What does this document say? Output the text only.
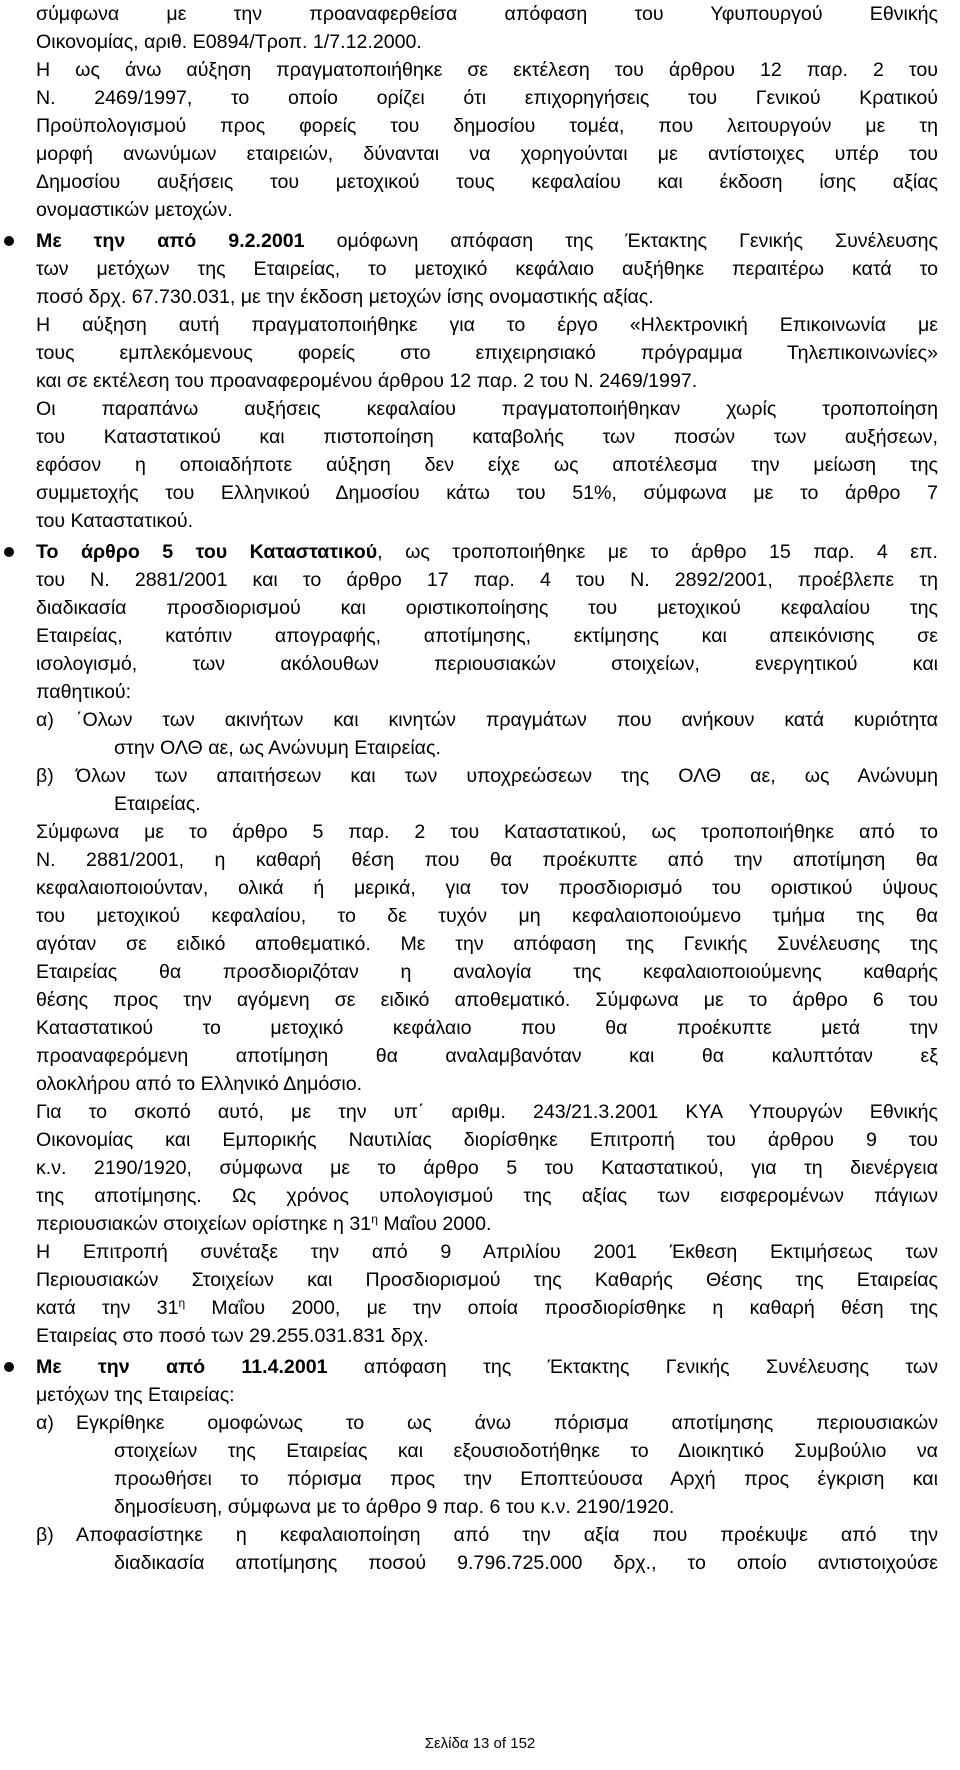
σύμφωνα με την προαναφερθείσα απόφαση του Υφυπουργού Εθνικής
Οικονομίας, αριθ. Ε0894/Τροπ. 1/7.12.2000.
Η ως άνω αύξηση πραγματοποιήθηκε σε εκτέλεση του άρθρου 12 παρ. 2 του
Ν. 2469/1997, το οποίο ορίζει ότι επιχορηγήσεις του Γενικού Κρατικού
Προϋπολογισμού προς φορείς του δημοσίου τομέα, που λειτουργούν με τη
μορφή ανωνύμων εταιρειών, δύνανται να χορηγούνται με αντίστοιχες υπέρ του
Δημοσίου αυξήσεις του μετοχικού τους κεφαλαίου και έκδοση ίσης αξίας
ονομαστικών μετοχών.
Με την από 9.2.2001 ομόφωνη απόφαση της Έκτακτης Γενικής Συνέλευσης
των μετόχων της Εταιρείας, το μετοχικό κεφάλαιο αυξήθηκε περαιτέρω κατά το
ποσό δρχ. 67.730.031, με την έκδοση μετοχών ίσης ονομαστικής αξίας.
Η αύξηση αυτή πραγματοποιήθηκε για το έργο «Ηλεκτρονική Επικοινωνία με
τους εμπλεκόμενους φορείς στο επιχειρησιακό πρόγραμμα Τηλεπικοινωνίες»
και σε εκτέλεση του προαναφερομένου άρθρου 12 παρ. 2 του Ν. 2469/1997.
Οι παραπάνω αυξήσεις κεφαλαίου πραγματοποιήθηκαν χωρίς τροποποίηση
του Καταστατικού και πιστοποίηση καταβολής των ποσών των αυξήσεων,
εφόσον η οποιαδήποτε αύξηση δεν είχε ως αποτέλεσμα την μείωση της
συμμετοχής του Ελληνικού Δημοσίου κάτω του 51%, σύμφωνα με το άρθρο 7
του Καταστατικού.
Το άρθρο 5 του Καταστατικού, ως τροποποιήθηκε με το άρθρο 15 παρ. 4 επ.
του Ν. 2881/2001 και το άρθρο 17 παρ. 4 του Ν. 2892/2001, προέβλεπε τη
διαδικασία προσδιορισμού και οριστικοποίησης του μετοχικού κεφαλαίου της
Εταιρείας, κατόπιν απογραφής, αποτίμησης, εκτίμησης και απεικόνισης σε
ισολογισμό, των ακόλουθων περιουσιακών στοιχείων, ενεργητικού και
παθητικού:
α) ΄Ολων των ακινήτων και κινητών πραγμάτων που ανήκουν κατά κυριότητα
στην ΟΛΘ αε, ως Ανώνυμη Εταιρείας.
β) Όλων των απαιτήσεων και των υποχρεώσεων της ΟΛΘ αε, ως Ανώνυμη
Εταιρείας.
Σύμφωνα με το άρθρο 5 παρ. 2 του Καταστατικού, ως τροποποιήθηκε από το
Ν. 2881/2001, η καθαρή θέση που θα προέκυπτε από την αποτίμηση θα
κεφαλαιοποιούνταν, ολικά ή μερικά, για τον προσδιορισμό του οριστικού ύψους
του μετοχικού κεφαλαίου, το δε τυχόν μη κεφαλαιοποιούμενο τμήμα της θα
αγόταν σε ειδικό αποθεματικό. Με την απόφαση της Γενικής Συνέλευσης της
Εταιρείας θα προσδιοριζόταν η αναλογία της κεφαλαιοποιούμενης καθαρής
θέσης προς την αγόμενη σε ειδικό αποθεματικό. Σύμφωνα με το άρθρο 6 του
Καταστατικού το μετοχικό κεφάλαιο που θα προέκυπτε μετά την
προαναφερόμενη αποτίμηση θα αναλαμβανόταν και θα καλυπτόταν εξ
ολοκλήρου από το Ελληνικό Δημόσιο.
Για το σκοπό αυτό, με την υπ΄ αριθμ. 243/21.3.2001 ΚΥΑ Υπουργών Εθνικής
Οικονομίας και Εμπορικής Ναυτιλίας διορίσθηκε Επιτροπή του άρθρου 9 του
κ.ν. 2190/1920, σύμφωνα με το άρθρο 5 του Καταστατικού, για τη διενέργεια
της αποτίμησης. Ως χρόνος υπολογισμού της αξίας των εισφερομένων πάγιων
περιουσιακών στοιχείων ορίστηκε η $31^\eta$ Μαΐου 2000.
Η Επιτροπή συνέταξε την από 9 Απριλίου 2001 Έκθεση Εκτιμήσεως των
Περιουσιακών Στοιχείων και Προσδιορισμού της Καθαρής Θέσης της Εταιρείας
κατά την $31^\eta$ Μαΐου 2000, με την οποία προσδιορίσθηκε η καθαρή θέση της
Εταιρείας στο ποσό των 29.255.031.831 δρχ.
Με την από 11.4.2001 απόφαση της Έκτακτης Γενικής Συνέλευσης των
μετόχων της Εταιρείας:
α) Εγκρίθηκε ομοφώνως το ως άνω πόρισμα αποτίμησης περιουσιακών
στοιχείων της Εταιρείας και εξουσιοδοτήθηκε το Διοικητικό Συμβούλιο να
προωθήσει το πόρισμα προς την Εποπτεύουσα Αρχή προς έγκριση και
δημοσίευση, σύμφωνα με το άρθρο 9 παρ. 6 του κ.ν. 2190/1920.
β) Αποφασίστηκε η κεφαλαιοποίηση από την αξία που προέκυψε από την
διαδικασία αποτίμησης ποσού 9.796.725.000 δρχ., το οποίο αντιστοιχούσε
Σελίδα 13 of 152
